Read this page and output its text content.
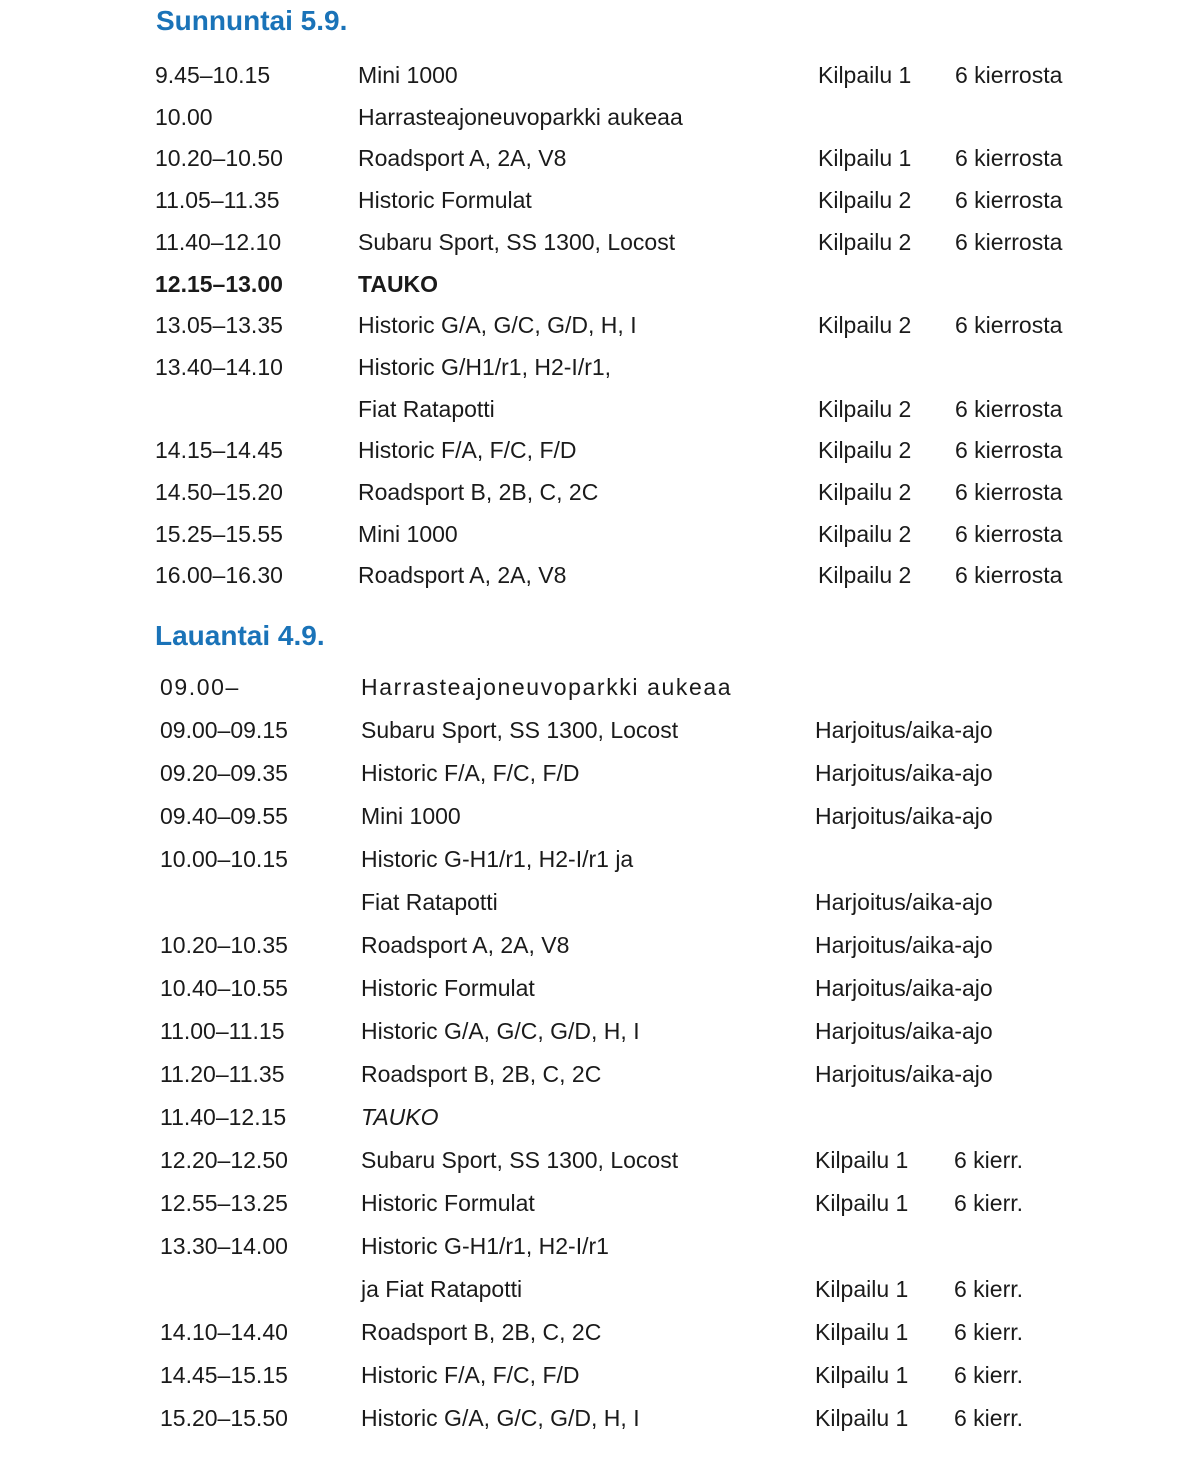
Sunnuntai 5.9.
9.45–10.15	Mini 1000	Kilpailu 1 6 kierrosta
10.00	Harrasteajoneuvoparkki aukeaa
10.20–10.50	Roadsport A, 2A, V8	Kilpailu 1 6 kierrosta
11.05–11.35	Historic Formulat	Kilpailu 2 6 kierrosta
11.40–12.10	Subaru Sport, SS 1300, Locost	Kilpailu 2 6 kierrosta
12.15–13.00	TAUKO
13.05–13.35	Historic G/A, G/C, G/D, H, I	Kilpailu 2 6 kierrosta
13.40–14.10	Historic G/H1/r1, H2-I/r1,
Fiat Ratapotti	Kilpailu 2 6 kierrosta
14.15–14.45	Historic F/A, F/C, F/D	Kilpailu 2 6 kierrosta
14.50–15.20	Roadsport B, 2B, C, 2C	Kilpailu 2 6 kierrosta
15.25–15.55	Mini 1000	Kilpailu 2 6 kierrosta
16.00–16.30	Roadsport A, 2A, V8	Kilpailu 2 6 kierrosta
Lauantai 4.9.
09.00–	Harrasteajoneuvoparkki aukeaa
09.00–09.15	Subaru Sport, SS 1300, Locost	Harjoitus/aika-ajo
09.20–09.35	Historic F/A, F/C, F/D	Harjoitus/aika-ajo
09.40–09.55	Mini 1000	Harjoitus/aika-ajo
10.00–10.15	Historic G-H1/r1, H2-I/r1 ja
Fiat Ratapotti	Harjoitus/aika-ajo
10.20–10.35	Roadsport A, 2A, V8	Harjoitus/aika-ajo
10.40–10.55	Historic Formulat	Harjoitus/aika-ajo
11.00–11.15	Historic G/A, G/C, G/D, H, I	Harjoitus/aika-ajo
11.20–11.35	Roadsport B, 2B, C, 2C	Harjoitus/aika-ajo
11.40–12.15	TAUKO
12.20–12.50	Subaru Sport, SS 1300, Locost	Kilpailu 1 6 kierr.
12.55–13.25	Historic Formulat	Kilpailu 1 6 kierr.
13.30–14.00	Historic G-H1/r1, H2-I/r1
ja Fiat Ratapotti	Kilpailu 1 6 kierr.
14.10–14.40	Roadsport B, 2B, C, 2C	Kilpailu 1 6 kierr.
14.45–15.15	Historic F/A, F/C, F/D	Kilpailu 1 6 kierr.
15.20–15.50	Historic G/A, G/C, G/D, H, I	Kilpailu 1 6 kierr.
